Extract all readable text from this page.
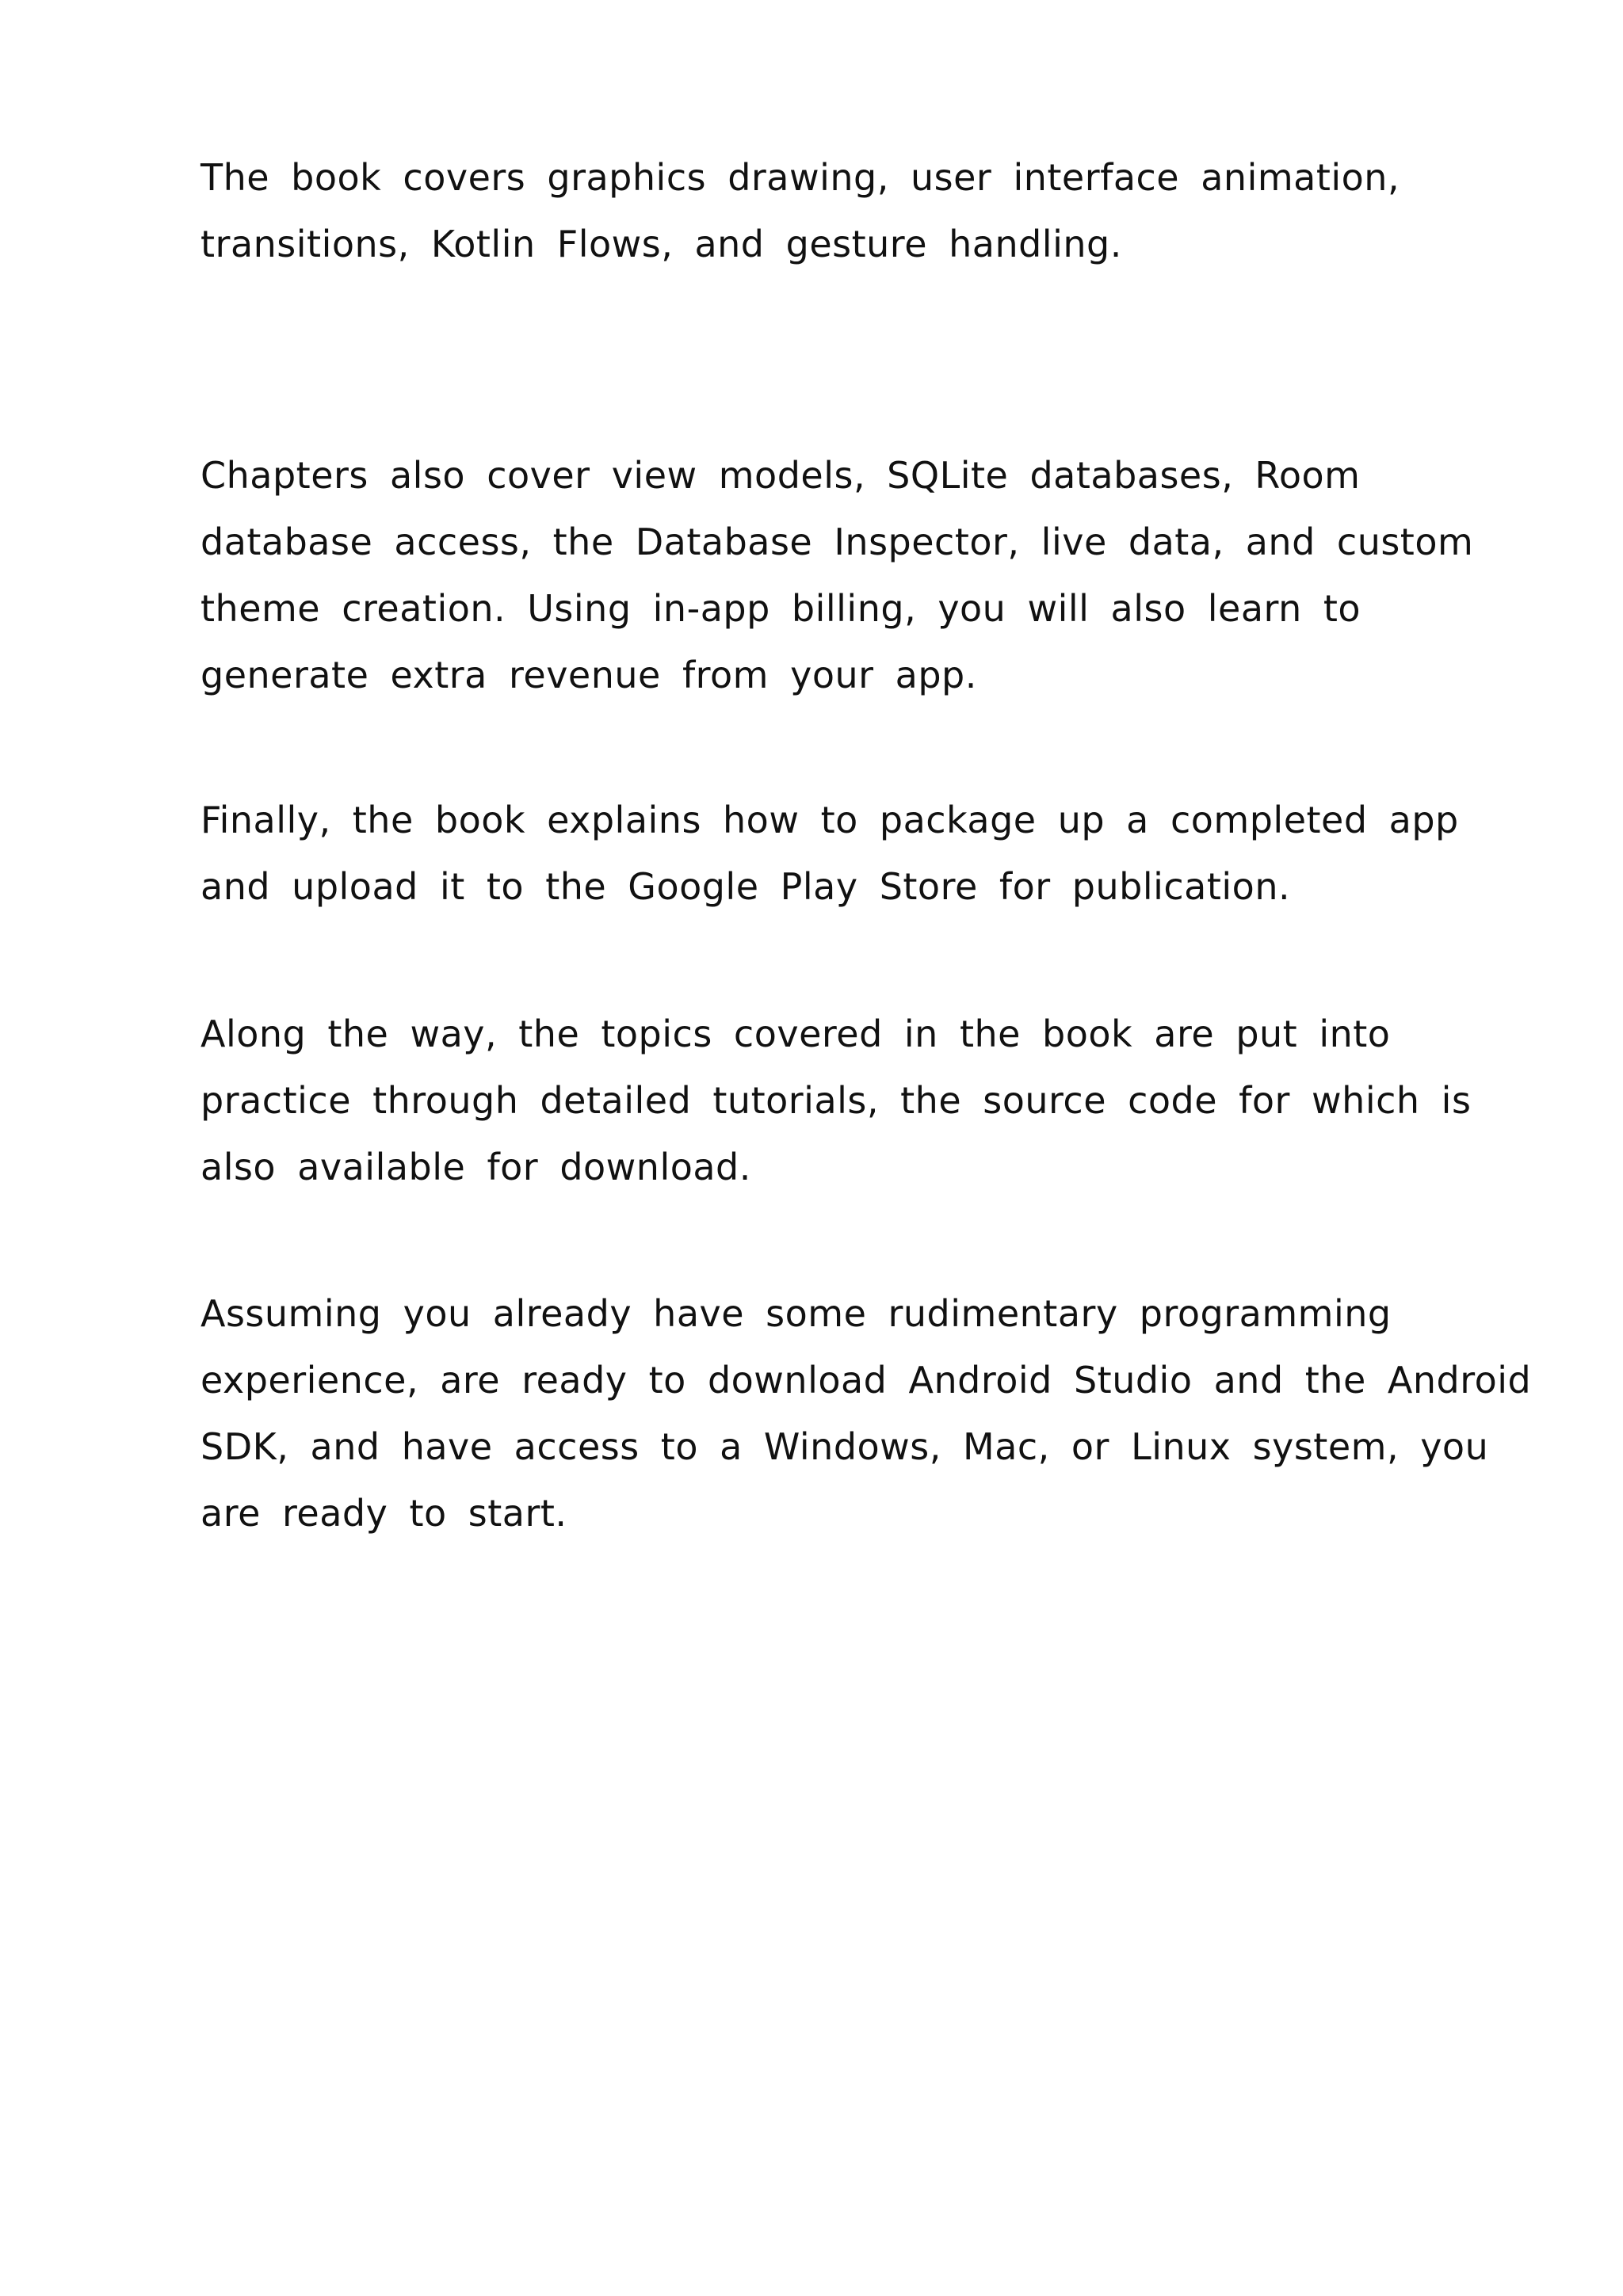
The book covers graphics drawing, user interface animation,
transitions, Kotlin Flows, and gesture handling.

Chapters also cover view models, SQLite databases, Room
database access, the Database Inspector, live data, and custom
theme creation. Using in-app billing, you will also learn to
generate extra revenue from your app.

Finally, the book explains how to package up a completed app
and upload it to the Google Play Store for publication.

Along the way, the topics covered in the book are put into
practice through detailed tutorials, the source code for which is
also available for download.

Assuming you already have some rudimentary programming
experience, are ready to download Android Studio and the Android
SDK, and have access to a Windows, Mac, or Linux system, you
are ready to start.
